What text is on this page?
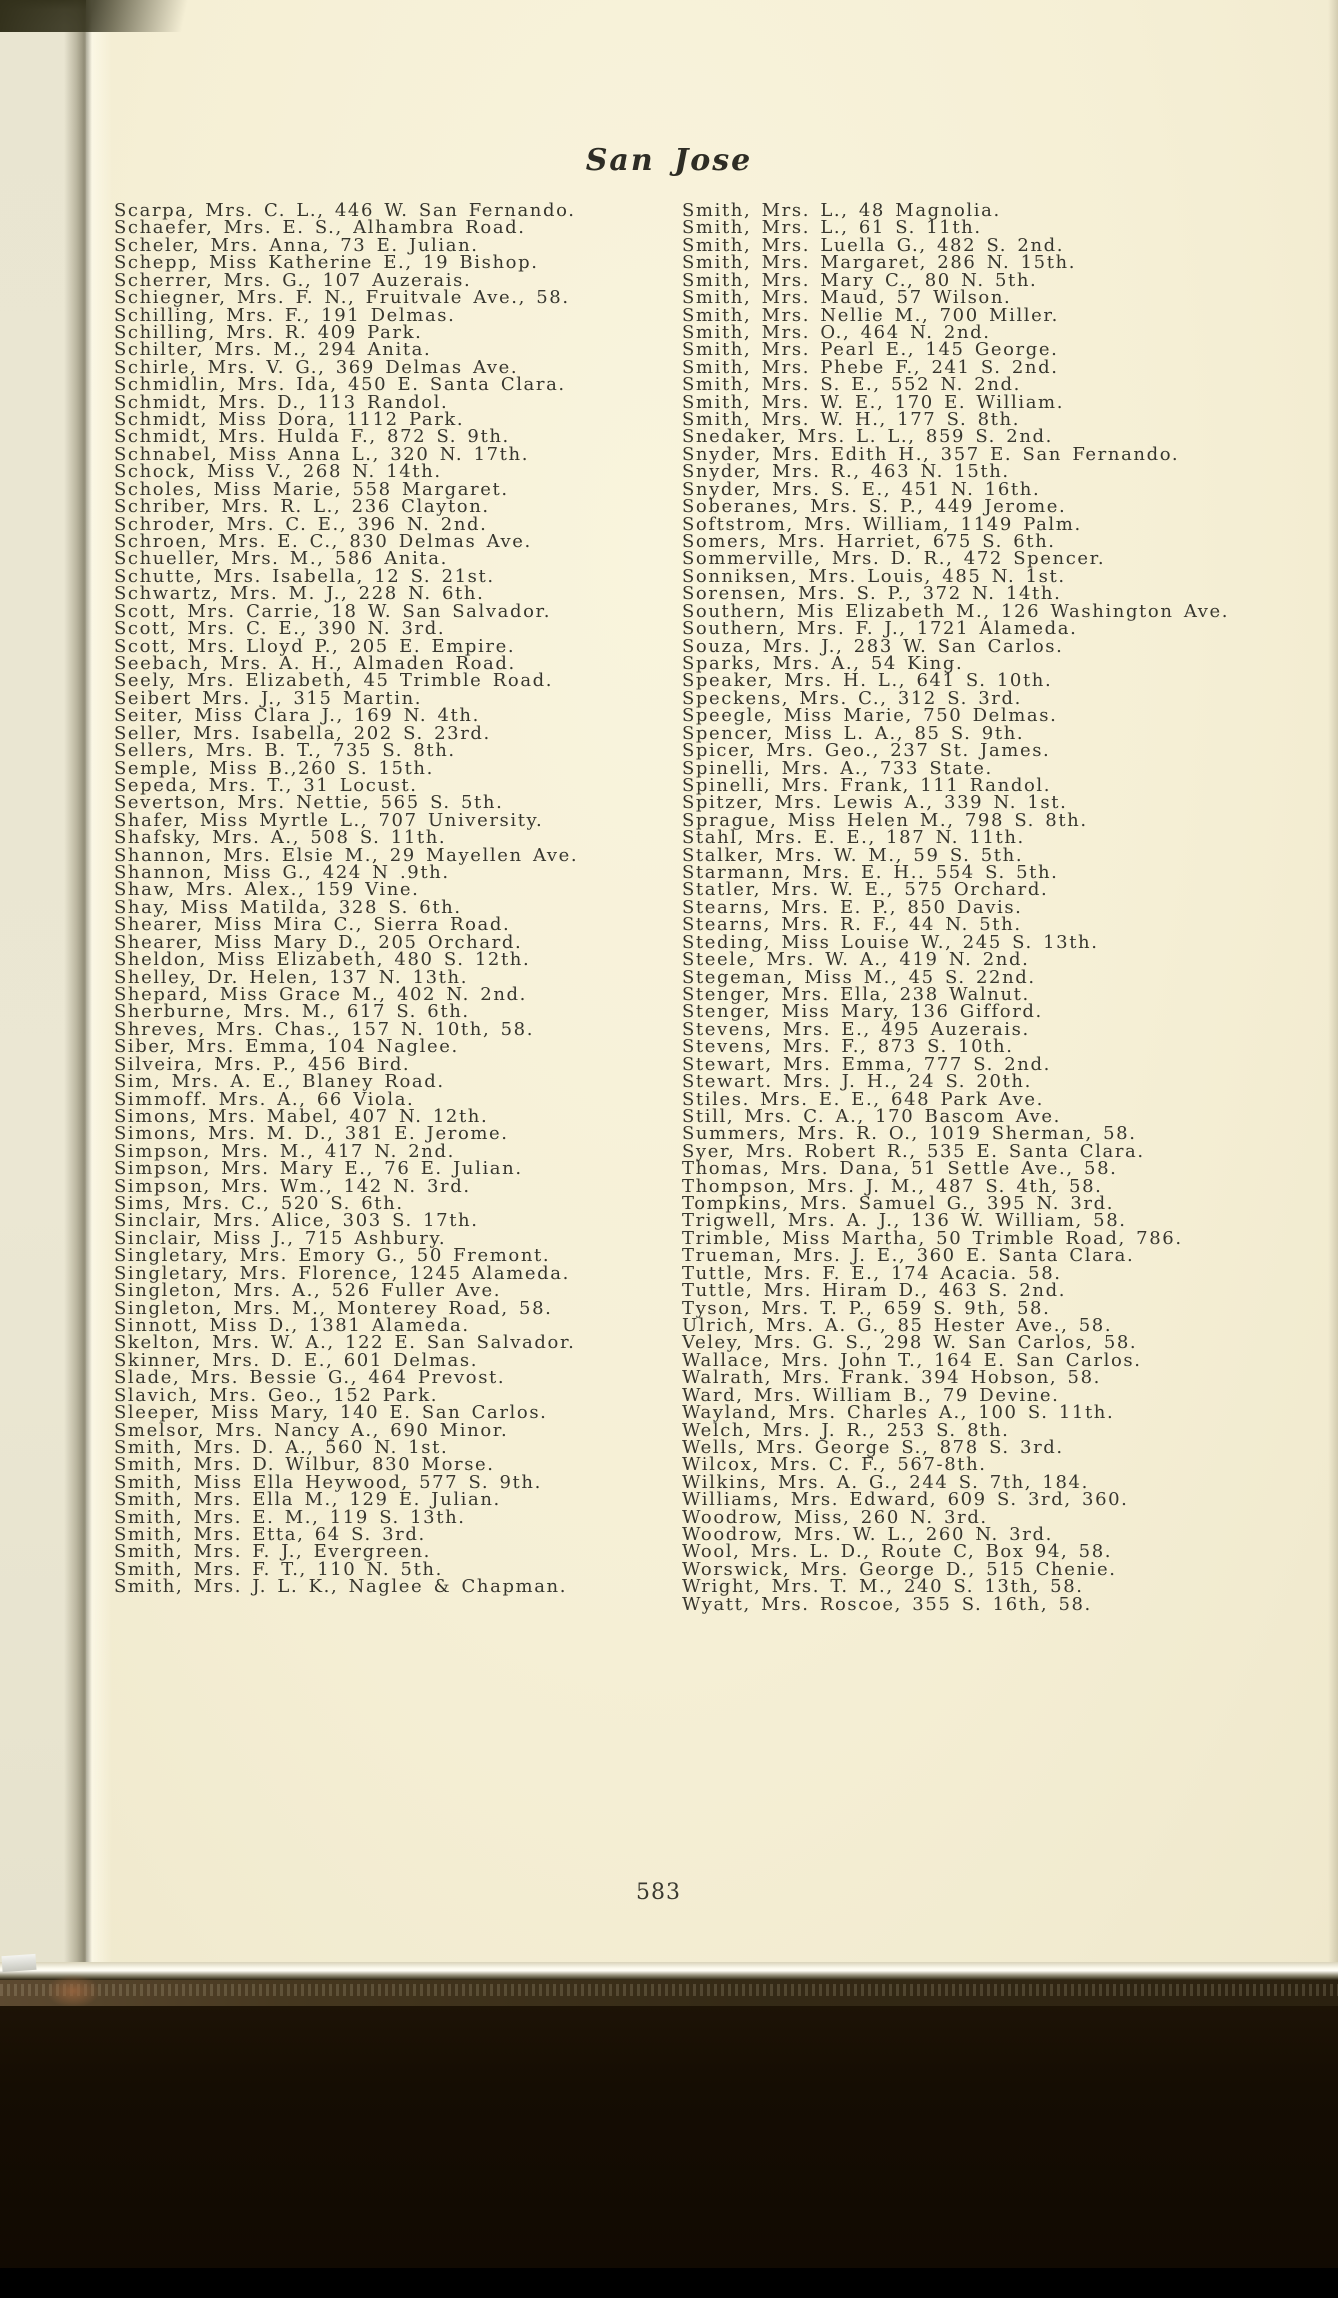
San Jose
Scarpa, Mrs. C. L., 446 W. San Fernando.
Schaefer, Mrs. E. S., Alhambra Road.
Scheler, Mrs. Anna, 73 E. Julian.
Schepp, Miss Katherine E., 19 Bishop.
Scherrer, Mrs. G., 107 Auzerais.
Schiegner, Mrs. F. N., Fruitvale Ave., 58.
Schilling, Mrs. F., 191 Delmas.
Schilling, Mrs. R. 409 Park.
Schilter, Mrs. M., 294 Anita.
Schirle, Mrs. V. G., 369 Delmas Ave.
Schmidlin, Mrs. Ida, 450 E. Santa Clara.
Schmidt, Mrs. D., 113 Randol.
Schmidt, Miss Dora, 1112 Park.
Schmidt, Mrs. Hulda F., 872 S. 9th.
Schnabel, Miss Anna L., 320 N. 17th.
Schock, Miss V., 268 N. 14th.
Scholes, Miss Marie, 558 Margaret.
Schriber, Mrs. R. L., 236 Clayton.
Schroder, Mrs. C. E., 396 N. 2nd.
Schroen, Mrs. E. C., 830 Delmas Ave.
Schueller, Mrs. M., 586 Anita.
Schutte, Mrs. Isabella, 12 S. 21st.
Schwartz, Mrs. M. J., 228 N. 6th.
Scott, Mrs. Carrie, 18 W. San Salvador.
Scott, Mrs. C. E., 390 N. 3rd.
Scott, Mrs. Lloyd P., 205 E. Empire.
Seebach, Mrs. A. H., Almaden Road.
Seely, Mrs. Elizabeth, 45 Trimble Road.
Seibert Mrs. J., 315 Martin.
Seiter, Miss Clara J., 169 N. 4th.
Seller, Mrs. Isabella, 202 S. 23rd.
Sellers, Mrs. B. T., 735 S. 8th.
Semple, Miss B.,260 S. 15th.
Sepeda, Mrs. T., 31 Locust.
Severtson, Mrs. Nettie, 565 S. 5th.
Shafer, Miss Myrtle L., 707 University.
Shafsky, Mrs. A., 508 S. 11th.
Shannon, Mrs. Elsie M., 29 Mayellen Ave.
Shannon, Miss G., 424 N .9th.
Shaw, Mrs. Alex., 159 Vine.
Shay, Miss Matilda, 328 S. 6th.
Shearer, Miss Mira C., Sierra Road.
Shearer, Miss Mary D., 205 Orchard.
Sheldon, Miss Elizabeth, 480 S. 12th.
Shelley, Dr. Helen, 137 N. 13th.
Shepard, Miss Grace M., 402 N. 2nd.
Sherburne, Mrs. M., 617 S. 6th.
Shreves, Mrs. Chas., 157 N. 10th, 58.
Siber, Mrs. Emma, 104 Naglee.
Silveira, Mrs. P., 456 Bird.
Sim, Mrs. A. E., Blaney Road.
Simmoff. Mrs. A., 66 Viola.
Simons, Mrs. Mabel, 407 N. 12th.
Simons, Mrs. M. D., 381 E. Jerome.
Simpson, Mrs. M., 417 N. 2nd.
Simpson, Mrs. Mary E., 76 E. Julian.
Simpson, Mrs. Wm., 142 N. 3rd.
Sims, Mrs. C., 520 S. 6th.
Sinclair, Mrs. Alice, 303 S. 17th.
Sinclair, Miss J., 715 Ashbury.
Singletary, Mrs. Emory G., 50 Fremont.
Singletary, Mrs. Florence, 1245 Alameda.
Singleton, Mrs. A., 526 Fuller Ave.
Singleton, Mrs. M., Monterey Road, 58.
Sinnott, Miss D., 1381 Alameda.
Skelton, Mrs. W. A., 122 E. San Salvador.
Skinner, Mrs. D. E., 601 Delmas.
Slade, Mrs. Bessie G., 464 Prevost.
Slavich, Mrs. Geo., 152 Park.
Sleeper, Miss Mary, 140 E. San Carlos.
Smelsor, Mrs. Nancy A., 690 Minor.
Smith, Mrs. D. A., 560 N. 1st.
Smith, Mrs. D. Wilbur, 830 Morse.
Smith, Miss Ella Heywood, 577 S. 9th.
Smith, Mrs. Ella M., 129 E. Julian.
Smith, Mrs. E. M., 119 S. 13th.
Smith, Mrs. Etta, 64 S. 3rd.
Smith, Mrs. F. J., Evergreen.
Smith, Mrs. F. T., 110 N. 5th.
Smith, Mrs. J. L. K., Naglee & Chapman.
Smith, Mrs. L., 48 Magnolia.
Smith, Mrs. L., 61 S. 11th.
Smith, Mrs. Luella G., 482 S. 2nd.
Smith, Mrs. Margaret, 286 N. 15th.
Smith, Mrs. Mary C., 80 N. 5th.
Smith, Mrs. Maud, 57 Wilson.
Smith, Mrs. Nellie M., 700 Miller.
Smith, Mrs. O., 464 N. 2nd.
Smith, Mrs. Pearl E., 145 George.
Smith, Mrs. Phebe F., 241 S. 2nd.
Smith, Mrs. S. E., 552 N. 2nd.
Smith, Mrs. W. E., 170 E. William.
Smith, Mrs. W. H., 177 S. 8th.
Snedaker, Mrs. L. L., 859 S. 2nd.
Snyder, Mrs. Edith H., 357 E. San Fernando.
Snyder, Mrs. R., 463 N. 15th.
Snyder, Mrs. S. E., 451 N. 16th.
Soberanes, Mrs. S. P., 449 Jerome.
Softstrom, Mrs. William, 1149 Palm.
Somers, Mrs. Harriet, 675 S. 6th.
Sommerville, Mrs. D. R., 472 Spencer.
Sonniksen, Mrs. Louis, 485 N. 1st.
Sorensen, Mrs. S. P., 372 N. 14th.
Southern, Mis Elizabeth M., 126 Washington Ave.
Southern, Mrs. F. J., 1721 Alameda.
Souza, Mrs. J., 283 W. San Carlos.
Sparks, Mrs. A., 54 King.
Speaker, Mrs. H. L., 641 S. 10th.
Speckens, Mrs. C., 312 S. 3rd.
Speegle, Miss Marie, 750 Delmas.
Spencer, Miss L. A., 85 S. 9th.
Spicer, Mrs. Geo., 237 St. James.
Spinelli, Mrs. A., 733 State.
Spinelli, Mrs. Frank, 111 Randol.
Spitzer, Mrs. Lewis A., 339 N. 1st.
Sprague, Miss Helen M., 798 S. 8th.
Stahl, Mrs. E. E., 187 N. 11th.
Stalker, Mrs. W. M., 59 S. 5th.
Starmann, Mrs. E. H.. 554 S. 5th.
Statler, Mrs. W. E., 575 Orchard.
Stearns, Mrs. E. P., 850 Davis.
Stearns, Mrs. R. F., 44 N. 5th.
Steding, Miss Louise W., 245 S. 13th.
Steele, Mrs. W. A., 419 N. 2nd.
Stegeman, Miss M., 45 S. 22nd.
Stenger, Mrs. Ella, 238 Walnut.
Stenger, Miss Mary, 136 Gifford.
Stevens, Mrs. E., 495 Auzerais.
Stevens, Mrs. F., 873 S. 10th.
Stewart, Mrs. Emma, 777 S. 2nd.
Stewart. Mrs. J. H., 24 S. 20th.
Stiles. Mrs. E. E., 648 Park Ave.
Still, Mrs. C. A., 170 Bascom Ave.
Summers, Mrs. R. O., 1019 Sherman, 58.
Syer, Mrs. Robert R., 535 E. Santa Clara.
Thomas, Mrs. Dana, 51 Settle Ave., 58.
Thompson, Mrs. J. M., 487 S. 4th, 58.
Tompkins, Mrs. Samuel G., 395 N. 3rd.
Trigwell, Mrs. A. J., 136 W. William, 58.
Trimble, Miss Martha, 50 Trimble Road, 786.
Trueman, Mrs. J. E., 360 E. Santa Clara.
Tuttle, Mrs. F. E., 174 Acacia. 58.
Tuttle, Mrs. Hiram D., 463 S. 2nd.
Tyson, Mrs. T. P., 659 S. 9th, 58.
Ulrich, Mrs. A. G., 85 Hester Ave., 58.
Veley, Mrs. G. S., 298 W. San Carlos, 58.
Wallace, Mrs. John T., 164 E. San Carlos.
Walrath, Mrs. Frank. 394 Hobson, 58.
Ward, Mrs. William B., 79 Devine.
Wayland, Mrs. Charles A., 100 S. 11th.
Welch, Mrs. J. R., 253 S. 8th.
Wells, Mrs. George S., 878 S. 3rd.
Wilcox, Mrs. C. F., 567-8th.
Wilkins, Mrs. A. G., 244 S. 7th, 184.
Williams, Mrs. Edward, 609 S. 3rd, 360.
Woodrow, Miss, 260 N. 3rd.
Woodrow, Mrs. W. L., 260 N. 3rd.
Wool, Mrs. L. D., Route C, Box 94, 58.
Worswick, Mrs. George D., 515 Chenie.
Wright, Mrs. T. M., 240 S. 13th, 58.
Wyatt, Mrs. Roscoe, 355 S. 16th, 58.
583
